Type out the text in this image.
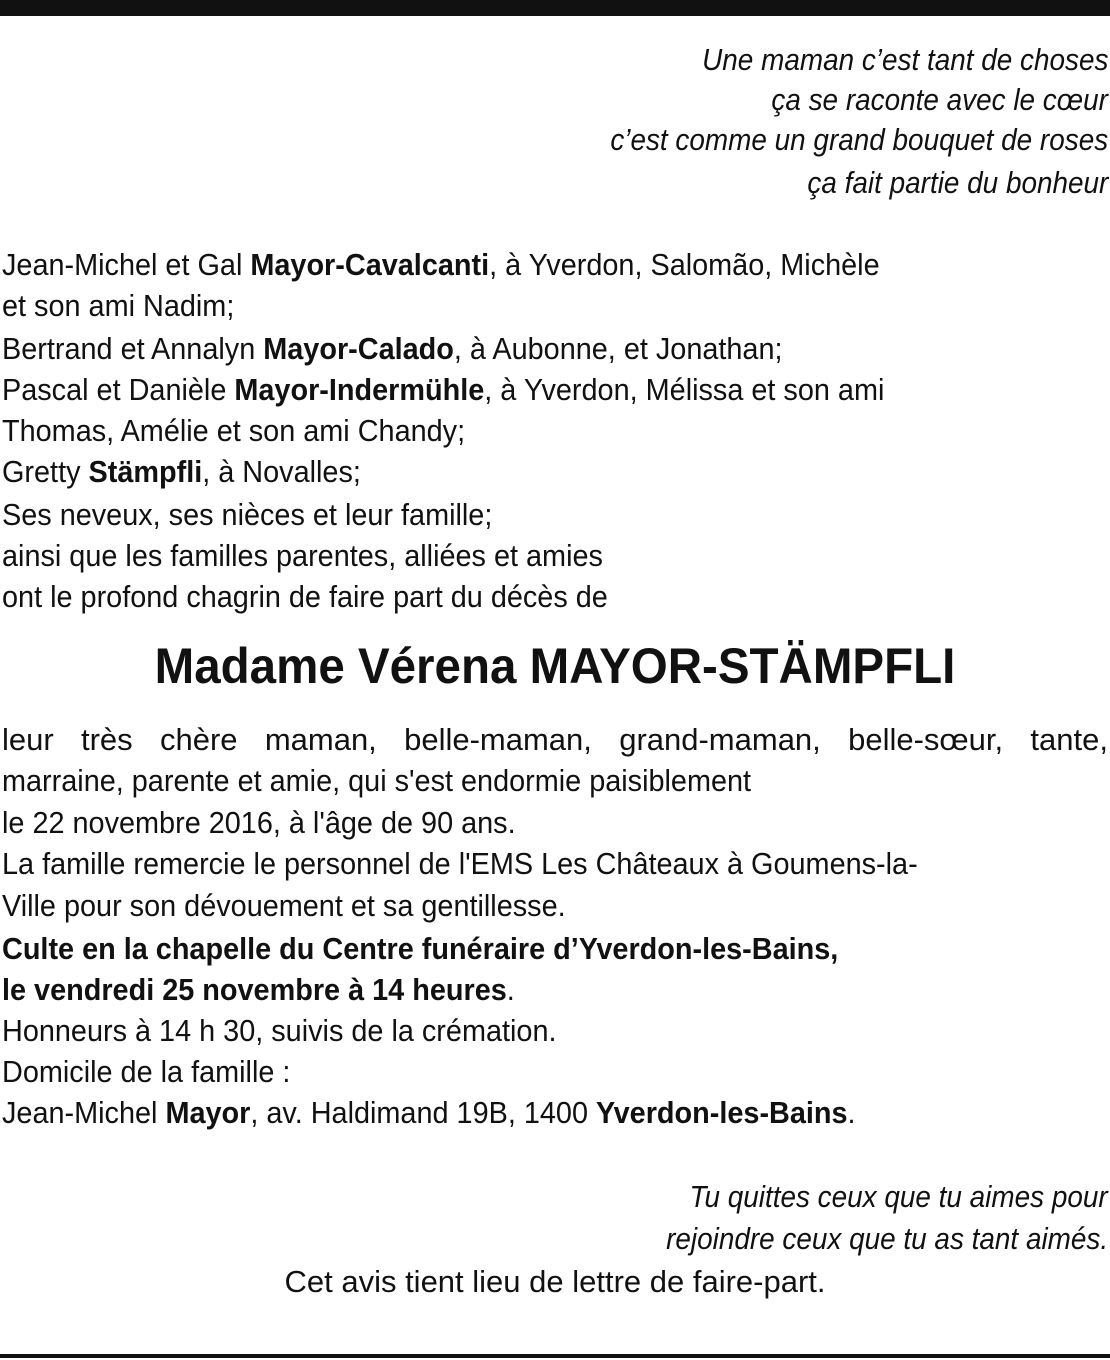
Madame Vérena MAYOR-STÄMPFLI
Cet avis tient lieu de lettre de faire-part.
Une maman c’est tant de choses
ça se raconte avec le cœur
c’est comme un grand bouquet de roses
ça fait partie du bonheur
Jean-Michel et Gal Mayor-Cavalcanti, à Yverdon, Salomão, Michèle
et son ami Nadim;
Bertrand et Annalyn Mayor-Calado, à Aubonne, et Jonathan;
Pascal et Danièle Mayor-Indermühle, à Yverdon, Mélissa et son ami
Thomas, Amélie et son ami Chandy;
Gretty Stämpfli, à Novalles;
Ses neveux, ses nièces et leur famille;
ainsi que les familles parentes, alliées et amies
ont le profond chagrin de faire part du décès de
leur très chère maman, belle-maman, grand-maman, belle-sœur, tante,
marraine, parente et amie, qui s'est endormie paisiblement
le 22 novembre 2016, à l'âge de 90 ans.
La famille remercie le personnel de l'EMS Les Châteaux à Goumens-la-
Ville pour son dévouement et sa gentillesse.
Culte en la chapelle du Centre funéraire d’Yverdon-les-Bains,
le vendredi 25 novembre à 14 heures.
Honneurs à 14 h 30, suivis de la crémation.
Domicile de la famille :
Jean-Michel Mayor, av. Haldimand 19B, 1400 Yverdon-les-Bains.
Tu quittes ceux que tu aimes pour
rejoindre ceux que tu as tant aimés.
